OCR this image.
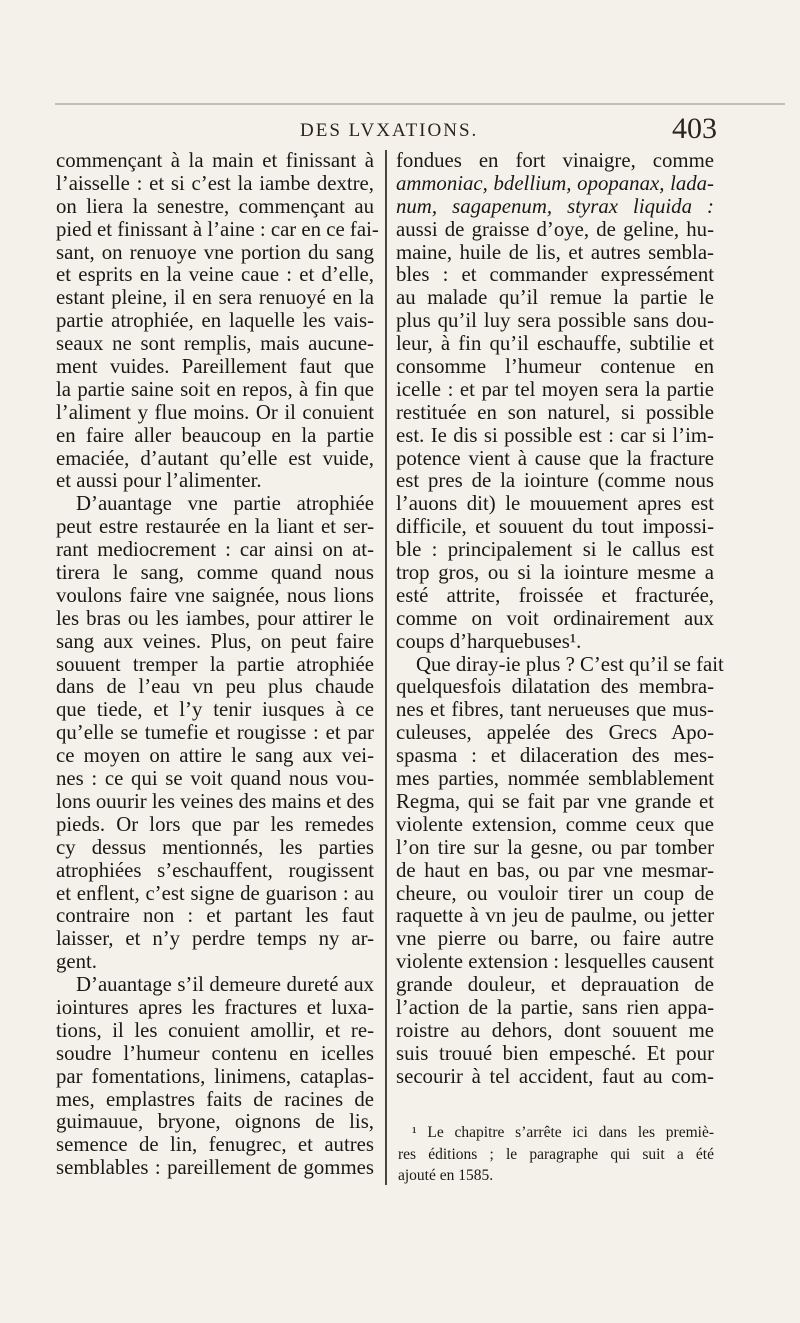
DES LVXATIONS.	403
commençant à la main et finissant à
l’aisselle : et si c’est la iambe dextre,
on liera la senestre, commençant au
pied et finissant à l’aine : car en ce fai-
sant, on renuoye vne portion du sang
et esprits en la veine caue : et d’elle,
estant pleine, il en sera renuoyé en la
partie atrophiée, en laquelle les vais-
seaux ne sont remplis, mais aucune-
ment vuides. Pareillement faut que
la partie saine soit en repos, à fin que
l’aliment y flue moins. Or il conuient
en faire aller beaucoup en la partie
emaciée, d’autant qu’elle est vuide,
et aussi pour l’alimenter.
D’auantage vne partie atrophiée
peut estre restaurée en la liant et ser-
rant mediocrement : car ainsi on at-
tirera le sang, comme quand nous
voulons faire vne saignée, nous lions
les bras ou les iambes, pour attirer le
sang aux veines. Plus, on peut faire
souuent tremper la partie atrophiée
dans de l’eau vn peu plus chaude
que tiede, et l’y tenir iusques à ce
qu’elle se tumefie et rougisse : et par
ce moyen on attire le sang aux vei-
nes : ce qui se voit quand nous vou-
lons ouurir les veines des mains et des
pieds. Or lors que par les remedes
cy dessus mentionnés, les parties
atrophiées s’eschauffent, rougissent
et enflent, c’est signe de guarison : au
contraire non : et partant les faut
laisser, et n’y perdre temps ny ar-
gent.
D’auantage s’il demeure dureté aux
iointures apres les fractures et luxa-
tions, il les conuient amollir, et re-
soudre l’humeur contenu en icelles
par fomentations, linimens, cataplas-
mes, emplastres faits de racines de
guimauue, bryone, oignons de lis,
semence de lin, fenugrec, et autres
semblables : pareillement de gommes
fondues en fort vinaigre, comme
ammoniac, bdellium, opopanax, lada-
num, sagapenum, styrax liquida :
aussi de graisse d’oye, de geline, hu-
maine, huile de lis, et autres sembla-
bles : et commander expressément
au malade qu’il remue la partie le
plus qu’il luy sera possible sans dou-
leur, à fin qu’il eschauffe, subtilie et
consomme l’humeur contenue en
icelle : et par tel moyen sera la partie
restituée en son naturel, si possible
est. Ie dis si possible est : car si l’im-
potence vient à cause que la fracture
est pres de la iointure (comme nous
l’auons dit) le mouuement apres est
difficile, et souuent du tout impossi-
ble : principalement si le callus est
trop gros, ou si la iointure mesme a
esté attrite, froissée et fracturée,
comme on voit ordinairement aux
coups d’harquebuses¹.
Que diray-ie plus ? C’est qu’il se fait
quelquesfois dilatation des membra-
nes et fibres, tant nerueuses que mus-
culeuses, appelée des Grecs Apo-
spasma : et dilaceration des mes-
mes parties, nommée semblablement
Regma, qui se fait par vne grande et
violente extension, comme ceux que
l’on tire sur la gesne, ou par tomber
de haut en bas, ou par vne mesmar-
cheure, ou vouloir tirer un coup de
raquette à vn jeu de paulme, ou jetter
vne pierre ou barre, ou faire autre
violente extension : lesquelles causent
grande douleur, et deprauation de
l’action de la partie, sans rien appa-
roistre au dehors, dont souuent me
suis trouué bien empesché. Et pour
secourir à tel accident, faut au com-
¹ Le chapitre s’arrête ici dans les premiè-
res éditions ; le paragraphe qui suit a été
ajouté en 1585.
